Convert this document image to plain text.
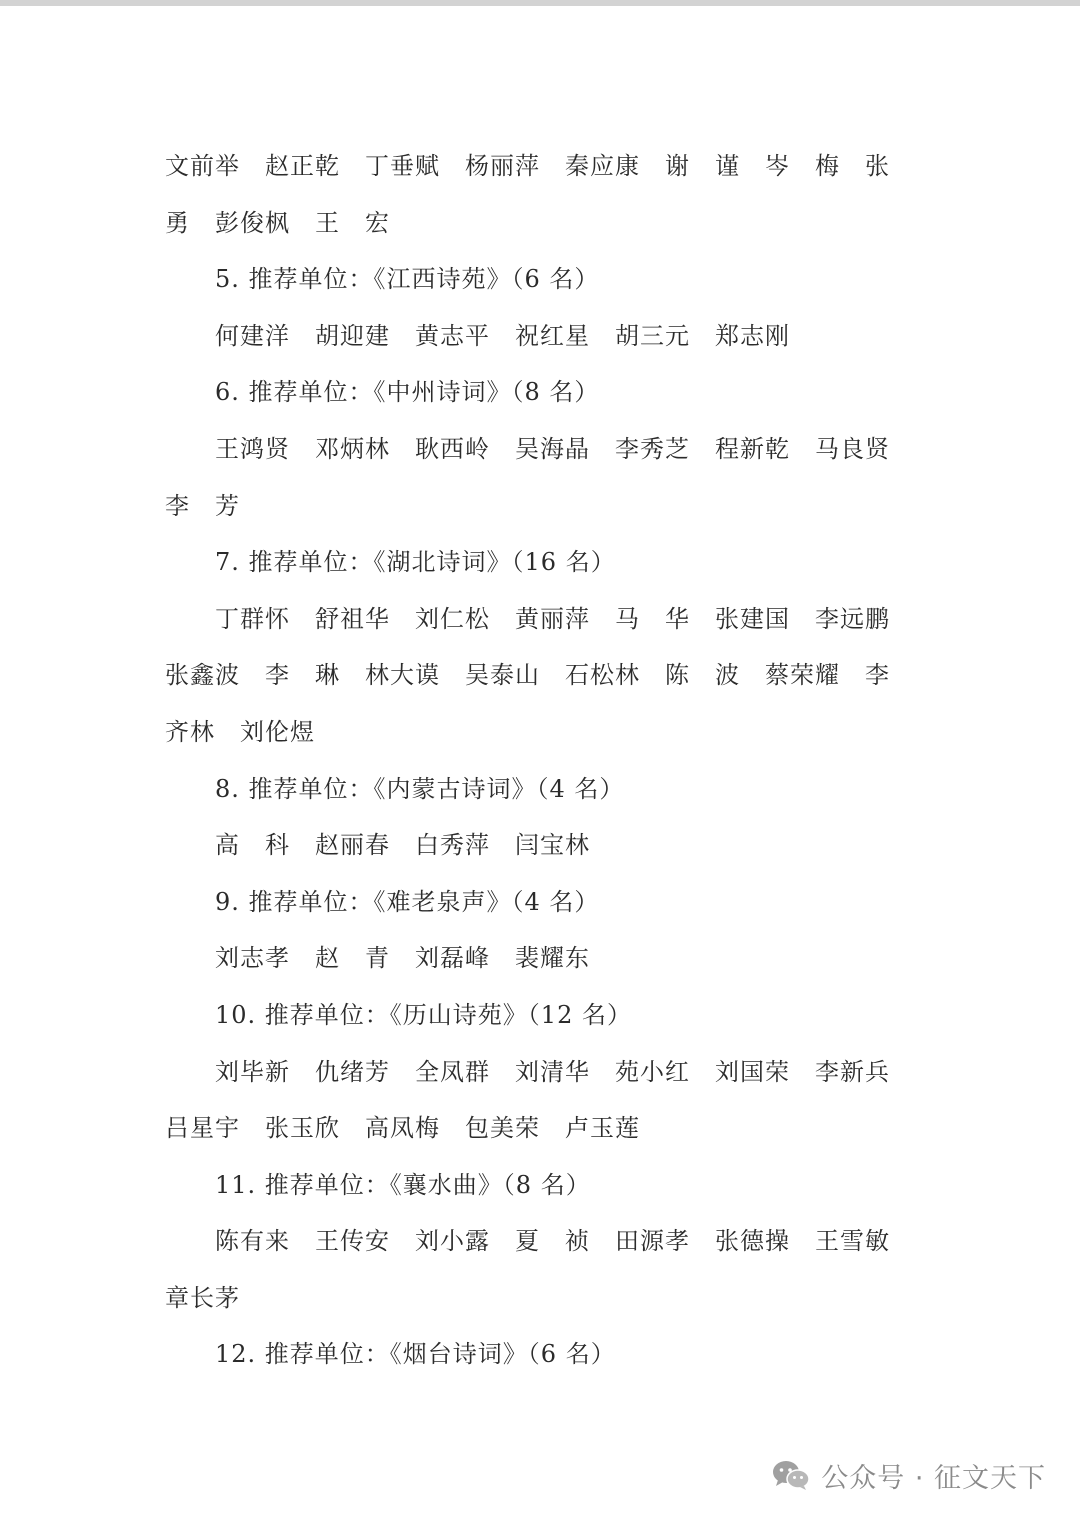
文前举　赵正乾　丁垂赋　杨丽萍　秦应康　谢　谨　岑　梅　张
勇　彭俊枫　王　宏
5. 推荐单位：《江西诗苑》（6 名）
何建洋　胡迎建　黄志平　祝红星　胡三元　郑志刚
6. 推荐单位：《中州诗词》（8 名）
王鸿贤　邓炳林　耿西岭　吴海晶　李秀芝　程新乾　马良贤
李　芳
7. 推荐单位：《湖北诗词》（16 名）
丁群怀　舒祖华　刘仁松　黄丽萍　马　华　张建国　李远鹏
张鑫波　李　琳　林大谟　吴泰山　石松林　陈　波　蔡荣耀　李
齐林　刘伦煜
8. 推荐单位：《内蒙古诗词》（4 名）
高　科　赵丽春　白秀萍　闫宝林
9. 推荐单位：《难老泉声》（4 名）
刘志孝　赵　青　刘磊峰　裴耀东
10. 推荐单位：《历山诗苑》（12 名）
刘毕新　仇绪芳　全凤群　刘清华　苑小红　刘国荣　李新兵
吕星宇　张玉欣　高凤梅　包美荣　卢玉莲
11. 推荐单位：《襄水曲》（8 名）
陈有来　王传安　刘小露　夏　祯　田源孝　张德操　王雪敏
章长茅
12. 推荐单位：《烟台诗词》（6 名）
公众号 · 征文天下
